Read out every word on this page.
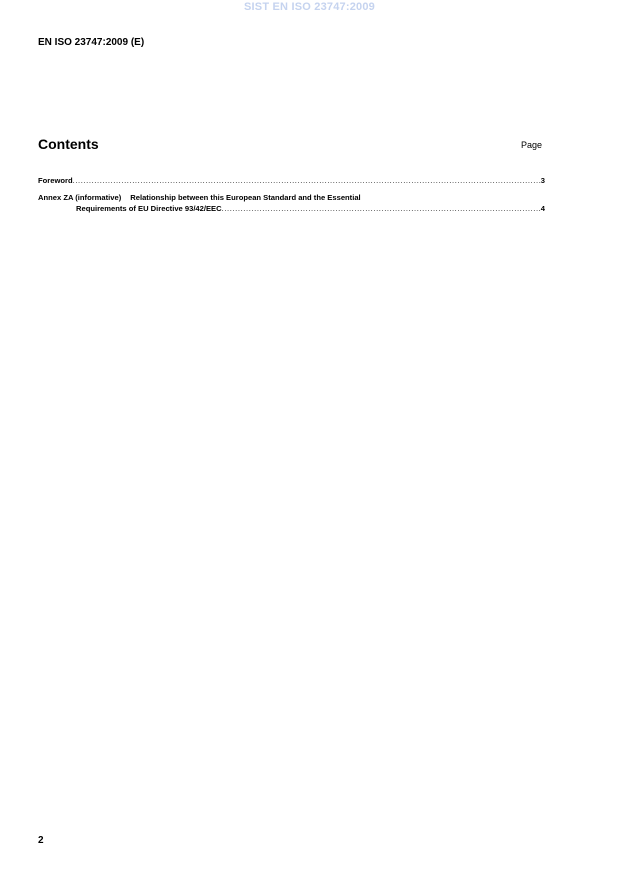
SIST EN ISO 23747:2009
EN ISO 23747:2009 (E)
Contents	Page
Foreword .....	3
Annex ZA (informative) Relationship between this European Standard and the Essential
Requirements of EU Directive 93/42/EEC .....	4
2
